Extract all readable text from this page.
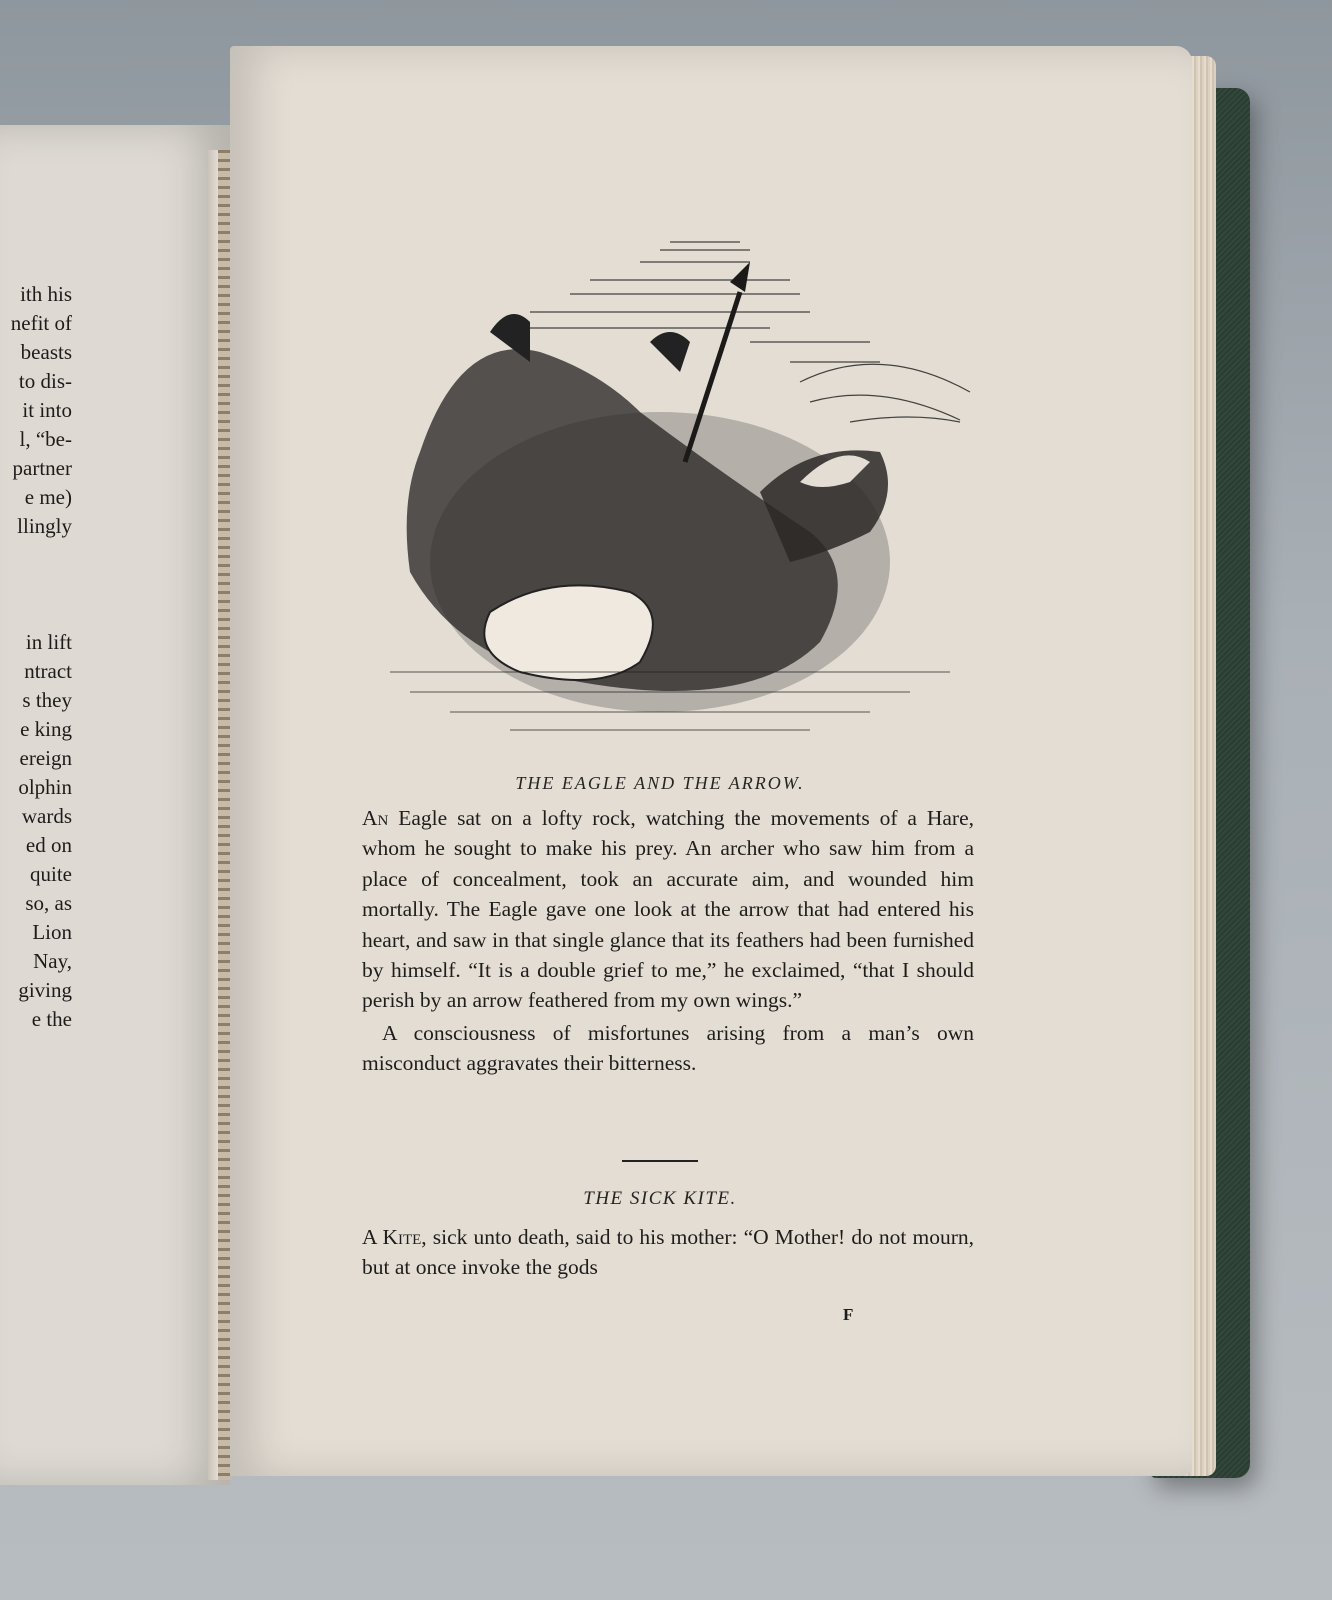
ith his
nefit of
beasts
to dis-
it into
l, “be-
partner
e me)
llingly

in lift
ntract
s they
e king
ereign
olphin
wards
ed on
quite
so, as
Lion
Nay,
giving
e the
THE EAGLE AND THE ARROW.

An Eagle sat on a lofty rock, watching the movements of a Hare, whom he sought to make his prey. An archer who saw him from a place of concealment, took an accurate aim, and wounded him mortally. The Eagle gave one look at the arrow that had entered his heart, and saw in that single glance that its feathers had been furnished by himself. “It is a double grief to me,” he exclaimed, “that I should perish by an arrow feathered from my own wings.”

A consciousness of misfortunes arising from a man’s own misconduct aggravates their bitterness.

THE SICK KITE.
A Kite, sick unto death, said to his mother: “O Mother! do not mourn, but at once invoke the gods
F
